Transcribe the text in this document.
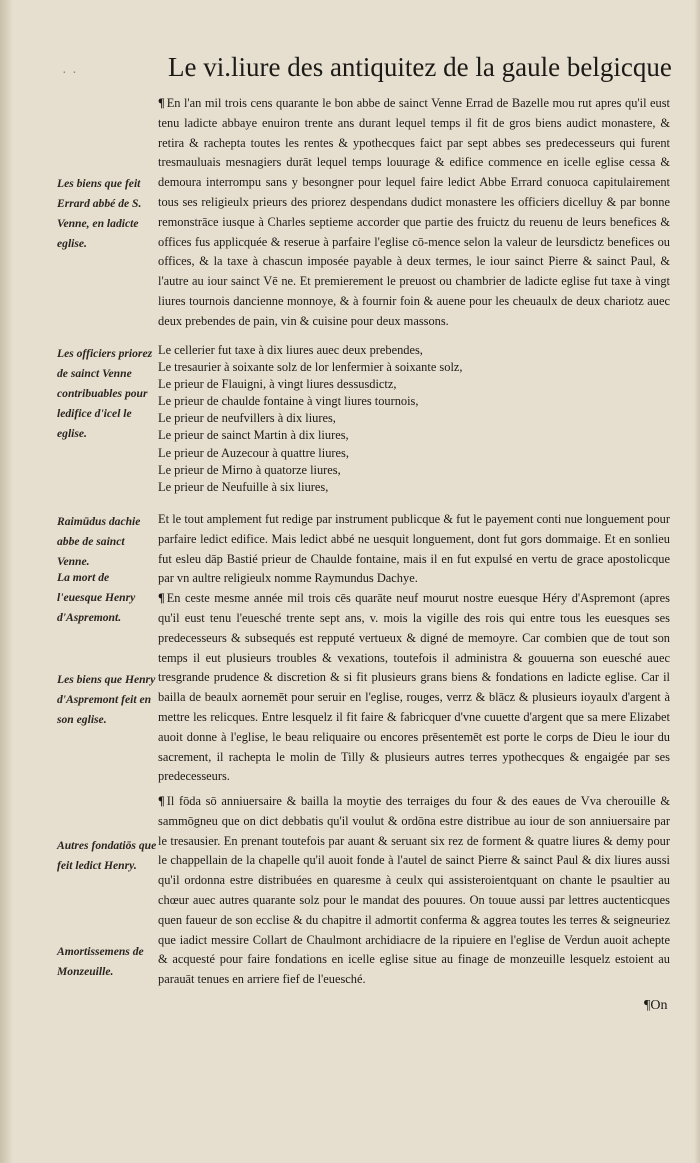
· ·	Le vi.liure des antiquitez de la gaule belgicque
Les biens que feit Errard abbé de S. Venne, en ladicte eglise.

¶ En l'an mil trois cens quarante le bon abbe de sainct Venne Errad de Bazelle mou rut apres qu'il eust tenu ladicte abbaye enuiron trente ans durant lequel temps il fit de gros biens audict monastere, & retira & rachepta toutes les rentes & ypothecques faict par sept abbes ses predecesseurs qui furent tresmauluais mesnagiers durāt lequel temps louurage & edifice commence en icelle eglise cessa & demoura interrompu sans y besongner pour lequel faire ledict Abbe Errard conuoca capitulairement tous ses religieulx prieurs des priorez despendans dudict monastere les officiers dicelluy & par bonne remonstrāce iusque à Charles septieme accorder que partie des fruictz du reuenu de leurs benefices & offices fus applicquée & reserue à parfaire l'eglise cō-mence selon la valeur de leursdictz benefices ou offices, & la taxe à chascun imposée payable à deux termes, le iour sainct Pierre & sainct Paul, & l'autre au iour sainct Vē ne. Et premierement le preuost ou chambrier de ladicte eglise fut taxe à vingt liures tournois dancienne monnoye, & à fournir foin & auene pour les cheuaulx de deux chariotz auec deux prebendes de pain, vin & cuisine pour deux massons.

Les officiers priorez de sainct Venne contribuables pour ledifice d'icel le eglise.
Le cellerier fut taxe à dix liures auec deux prebendes,
Le tresaurier à soixante solz de lor lenfermier à soixante solz,
Le prieur de Flauigni, à vingt liures dessusdictz,
Le prieur de chaulde fontaine à vingt liures tournois,
Le prieur de neufvillers à dix liures,
Le prieur de sainct Martin à dix liures,
Le prieur de Auzecour à quattre liures,
Le prieur de Mirno à quatorze liures,
Le prieur de Neufuille à six liures,
Raimūdus dachie abbe de sainct Venne.
La mort de l'euesque Henry d'Aspremont.
Les biens que Henry d'Aspremont feit en son eglise.

Et le tout amplement fut redige par instrument publicque & fut le payement conti nue longuement pour parfaire ledict edifice. Mais ledict abbé ne uesquit longuement, dont fut gors dommaige. Et en sonlieu fut esleu dāp Bastié prieur de Chaulde fontaine, mais il en fut expulsé en vertu de grace apostolicque par vn aultre religieulx nomme Raymundus Dachye.

¶ En ceste mesme année mil trois cēs quarāte neuf mourut nostre euesque Héry d'Aspremont (apres qu'il eust tenu l'euesché trente sept ans, v. mois la vigille des rois qui entre tous les euesques ses predecesseurs & subsequés est repputé vertueux & digné de memoyre. Car combien que de tout son temps il eut plusieurs troubles & vexations, toutefois il administra & gouuerna son euesché auec tresgrande prudence & discretion & si fit plusieurs grans biens & fondations en ladicte eglise. Car il bailla de beaulx aornemēt pour seruir en l'eglise, rouges, verrz & blācz & plusieurs ioyaulx d'argent à mettre les relicques. Entre lesquelz il fit faire & fabricquer d'vne cuuette d'argent que sa mere Elizabet auoit donne à l'eglise, le beau reliquaire ou encores prēsentemēt est porte le corps de Dieu le iour du sacrement, il rachepta le molin de Tilly & plusieurs autres terres ypothecques & engaigée par ses predecesseurs.

Autres fondatiōs que feit ledict Henry.
Amortissemens de Monzeuille.

¶ Il fōda sō anniuersaire & bailla la moytie des terraiges du four & des eaues de Vva cherouille & sammōgneu que on dict debbatis qu'il voulut & ordōna estre distribue au iour de son anniuersaire par le tresausier. En prenant toutefois par auant & seruant six rez de forment & quatre liures & demy pour le chappellain de la chapelle qu'il auoit fonde à l'autel de sainct Pierre & sainct Paul & dix liures aussi qu'il ordonna estre distribuées en quaresme à ceulx qui assisteroientquant on chante le psaultier au chœur auec autres quarante solz pour le mandat des pouures. On touue aussi par lettres auctenticques quen faueur de son ecclise & du chapitre il admortit conferma & aggrea toutes les terres & seigneuriez que iadict messire Collart de Chaulmont archidiacre de la ripuiere en l'eglise de Verdun auoit achepte & acquesté pour faire fondations en icelle eglise situe au finage de monzeuille lesquelz estoient au parauāt tenues en arriere fief de l'euesché.

¶On
